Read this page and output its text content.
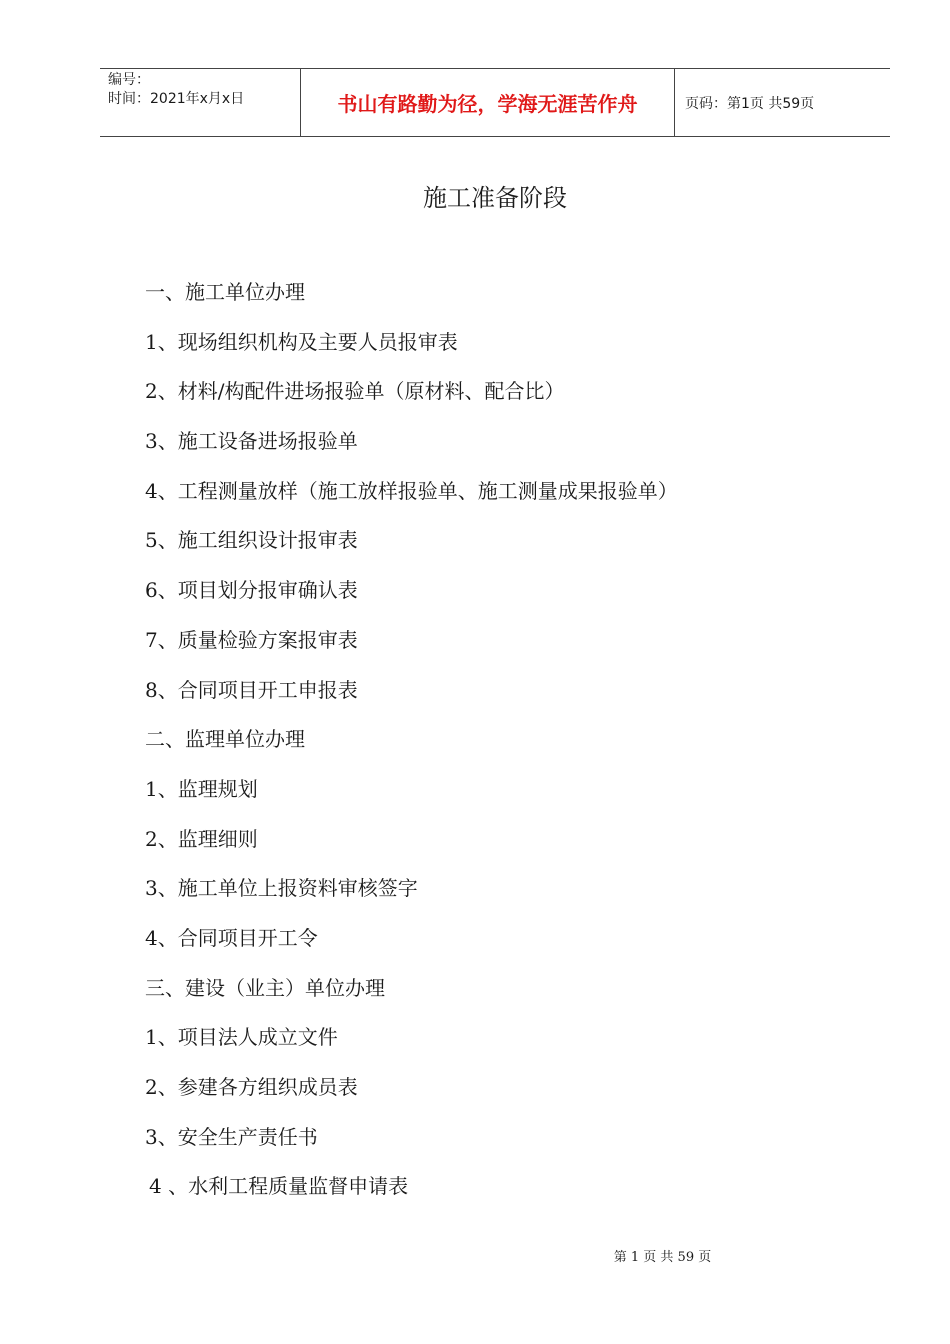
编号：
时间：2021年x月x日	书山有路勤为径，学海无涯苦作舟	页码：第1页 共59页
施工准备阶段
一、施工单位办理
1、现场组织机构及主要人员报审表
2、材料/构配件进场报验单（原材料、配合比）
3、施工设备进场报验单
4、工程测量放样（施工放样报验单、施工测量成果报验单）
5、施工组织设计报审表
6、项目划分报审确认表
7、质量检验方案报审表
8、合同项目开工申报表
二、监理单位办理
1、监理规划
2、监理细则
3、施工单位上报资料审核签字
4、合同项目开工令
三、建设（业主）单位办理
1、项目法人成立文件
2、参建各方组织成员表
3、安全生产责任书
4 、水利工程质量监督申请表
第 1 页 共 59 页
